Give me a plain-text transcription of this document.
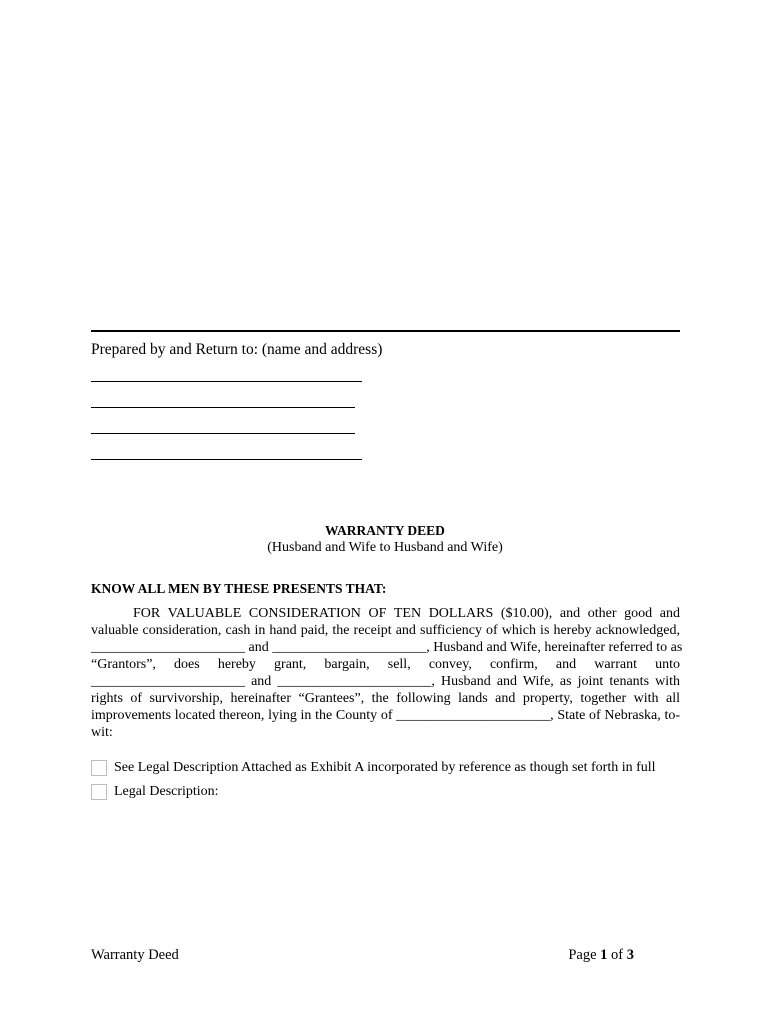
Prepared by and Return to: (name and address)
WARRANTY DEED
(Husband and Wife to Husband and Wife)
KNOW ALL MEN BY THESE PRESENTS THAT:
FOR VALUABLE CONSIDERATION OF TEN DOLLARS ($10.00), and other good and
valuable consideration, cash in hand paid, the receipt and sufficiency of which is hereby acknowledged,
______________________ and ______________________, Husband and Wife, hereinafter referred to as
“Grantors”, does hereby grant, bargain, sell, convey, confirm, and warrant unto
______________________ and ______________________, Husband and Wife, as joint tenants with
rights of survivorship, hereinafter “Grantees”, the following lands and property, together with all
improvements located thereon, lying in the County of ______________________, State of Nebraska, to-
wit:
See Legal Description Attached as Exhibit A incorporated by reference as though set forth in full
Legal Description:
Warranty Deed	Page 1 of 3
